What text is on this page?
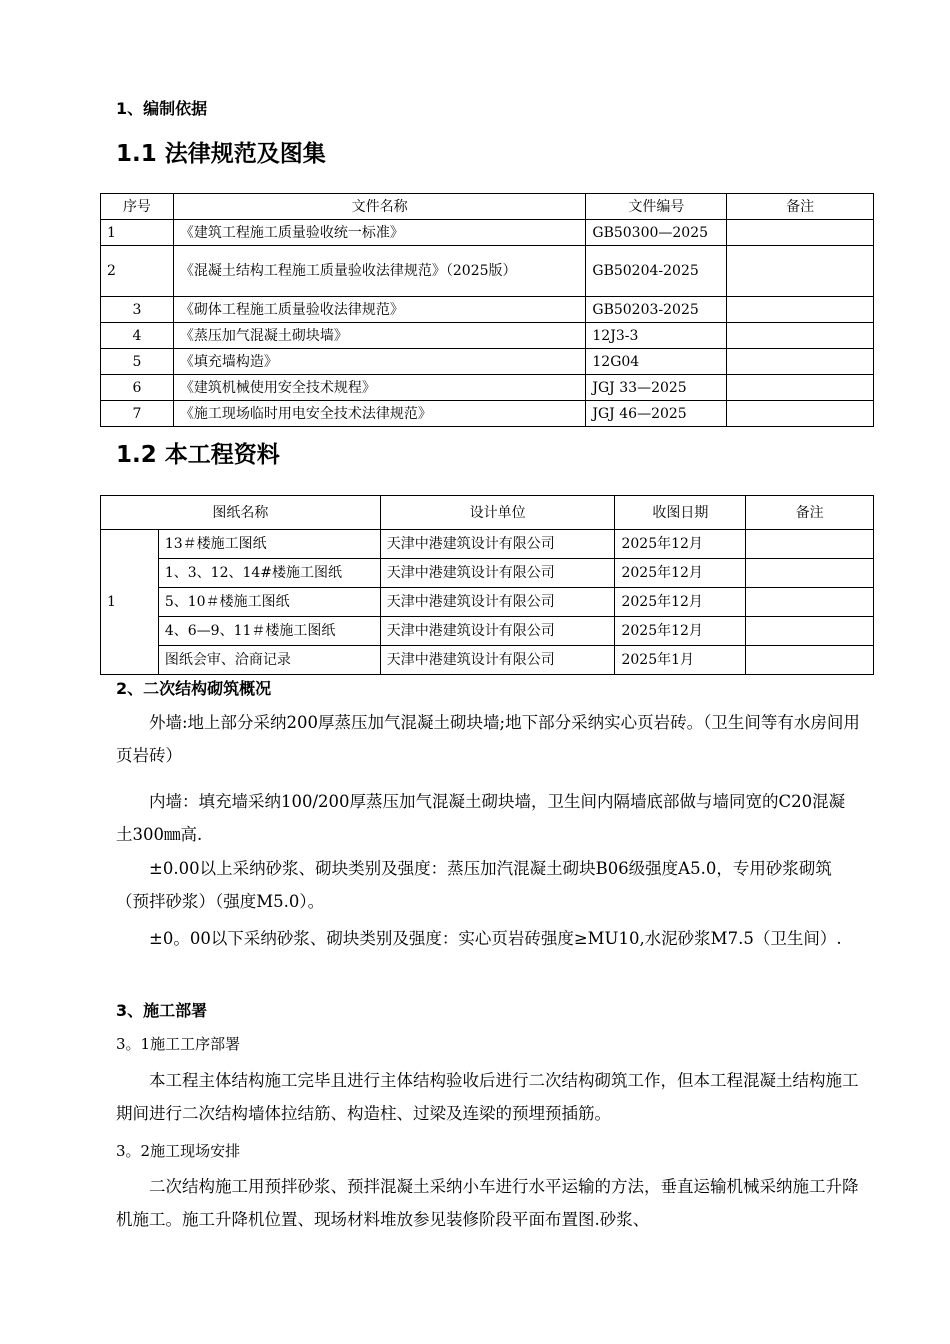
1、编制依据
1.1 法律规范及图集
序号	文件名称	文件编号	备注
1	《建筑工程施工质量验收统一标准》	GB50300—2025	
2	《混凝土结构工程施工质量验收法律规范》（2025版）	GB50204-2025	
3	《砌体工程施工质量验收法律规范》	GB50203-2025	
4	《蒸压加气混凝土砌块墙》	12J3-3	
5	《填充墙构造》	12G04	
6	《建筑机械使用安全技术规程》	JGJ 33—2025	
7	《施工现场临时用电安全技术法律规范》	JGJ 46—2025	
1.2 本工程资料
图纸名称		设计单位	收图日期	备注
1	13＃楼施工图纸	天津中港建筑设计有限公司	2025年12月	
	1、3、12、14#楼施工图纸	天津中港建筑设计有限公司	2025年12月	
	5、10＃楼施工图纸	天津中港建筑设计有限公司	2025年12月	
	4、6—9、11＃楼施工图纸	天津中港建筑设计有限公司	2025年12月	
	图纸会审、洽商记录	天津中港建筑设计有限公司	2025年1月	
2、二次结构砌筑概况
外墙:地上部分采纳200厚蒸压加气混凝土砌块墙;地下部分采纳实心页岩砖。（卫生间等有水房间用页岩砖）
内墙：填充墙采纳100/200厚蒸压加气混凝土砌块墙，卫生间内隔墙底部做与墙同宽的C20混凝土300㎜高.
±0.00以上采纳砂浆、砌块类别及强度：蒸压加汽混凝土砌块B06级强度A5.0，专用砂浆砌筑（预拌砂浆）（强度M5.0）。
±0。00以下采纳砂浆、砌块类别及强度：实心页岩砖强度≥MU10,水泥砂浆M7.5（卫生间）.
3、施工部署
3。1施工工序部署
本工程主体结构施工完毕且进行主体结构验收后进行二次结构砌筑工作，但本工程混凝土结构施工期间进行二次结构墙体拉结筋、构造柱、过梁及连梁的预埋预插筋。
3。2施工现场安排
二次结构施工用预拌砂浆、预拌混凝土采纳小车进行水平运输的方法，垂直运输机械采纳施工升降机施工。施工升降机位置、现场材料堆放参见装修阶段平面布置图.砂浆、
